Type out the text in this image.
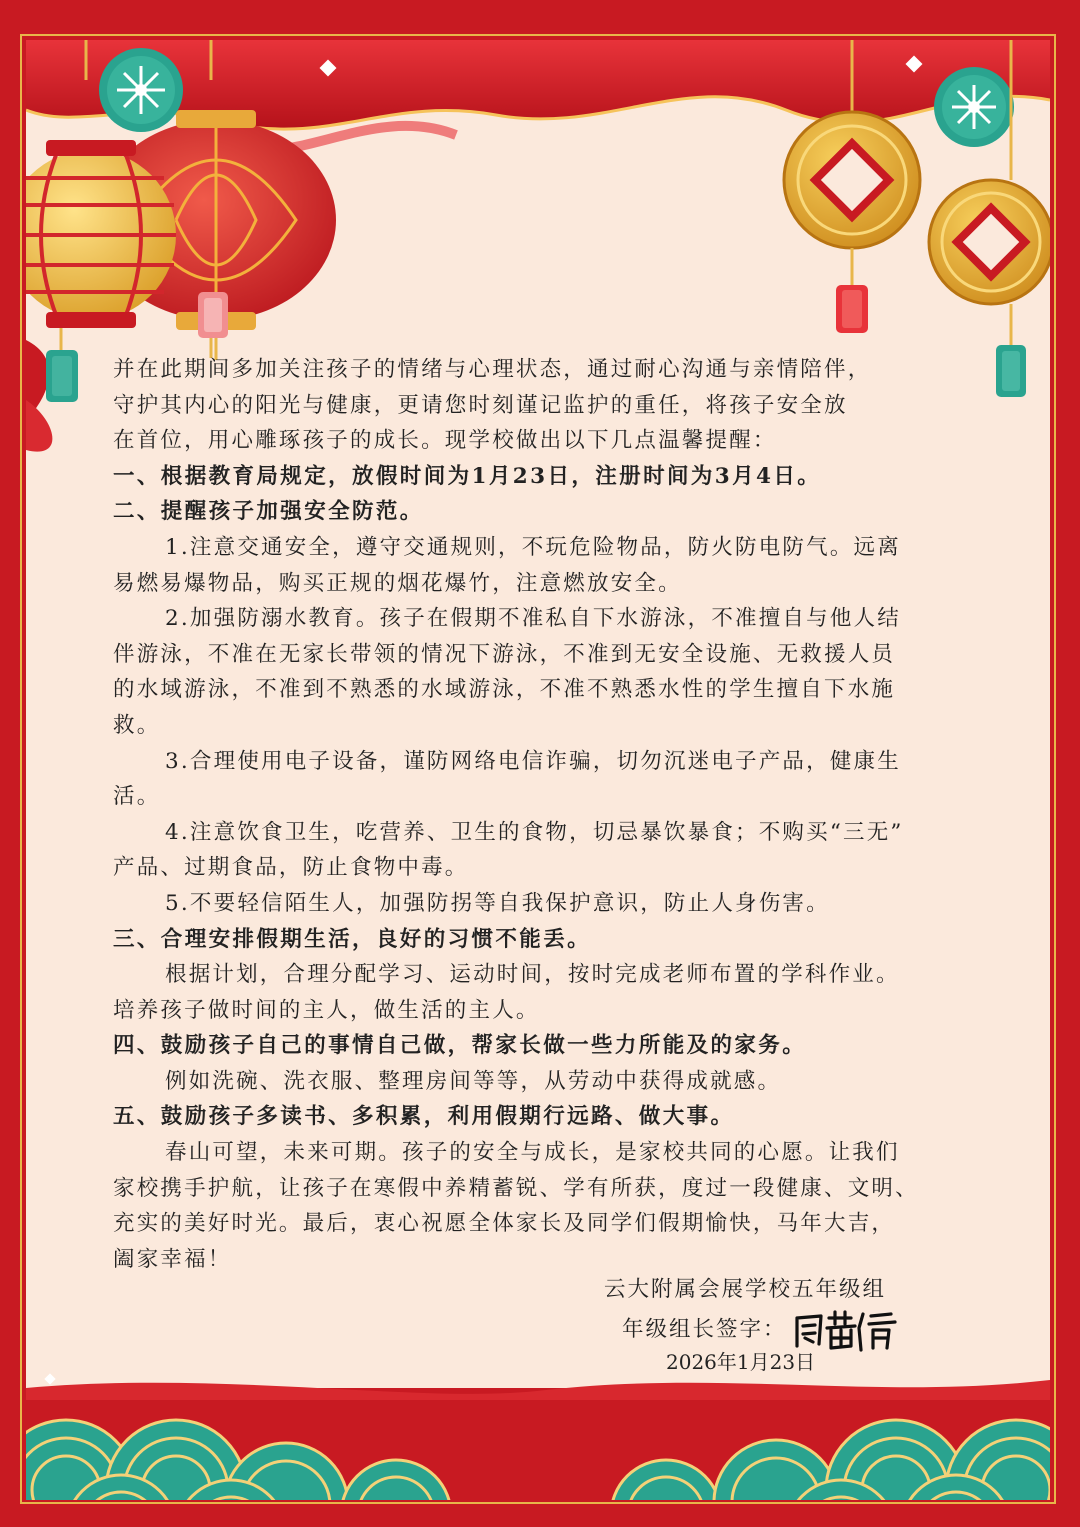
并在此期间多加关注孩子的情绪与心理状态，通过耐心沟通与亲情陪伴，

守护其内心的阳光与健康，更请您时刻谨记监护的重任，将孩子安全放

在首位，用心雕琢孩子的成长。现学校做出以下几点温馨提醒：

一、根据教育局规定，放假时间为1月23日，注册时间为3月4日。

二、提醒孩子加强安全防范。

1.注意交通安全，遵守交通规则，不玩危险物品，防火防电防气。远离

易燃易爆物品，购买正规的烟花爆竹，注意燃放安全。

2.加强防溺水教育。孩子在假期不准私自下水游泳，不准擅自与他人结

伴游泳，不准在无家长带领的情况下游泳，不准到无安全设施、无救援人员

的水域游泳，不准到不熟悉的水域游泳，不准不熟悉水性的学生擅自下水施

救。

3.合理使用电子设备，谨防网络电信诈骗，切勿沉迷电子产品，健康生

活。

4.注意饮食卫生，吃营养、卫生的食物，切忌暴饮暴食；不购买“三无”

产品、过期食品，防止食物中毒。

5.不要轻信陌生人，加强防拐等自我保护意识，防止人身伤害。

三、合理安排假期生活，良好的习惯不能丢。

根据计划，合理分配学习、运动时间，按时完成老师布置的学科作业。

培养孩子做时间的主人，做生活的主人。

四、鼓励孩子自己的事情自己做，帮家长做一些力所能及的家务。

例如洗碗、洗衣服、整理房间等等，从劳动中获得成就感。

五、鼓励孩子多读书、多积累，利用假期行远路、做大事。

春山可望，未来可期。孩子的安全与成长，是家校共同的心愿。让我们

家校携手护航，让孩子在寒假中养精蓄锐、学有所获，度过一段健康、文明、

充实的美好时光。最后，衷心祝愿全体家长及同学们假期愉快，马年大吉，

阖家幸福！

云大附属会展学校五年级组
年级组长签字：
2026年1月23日
